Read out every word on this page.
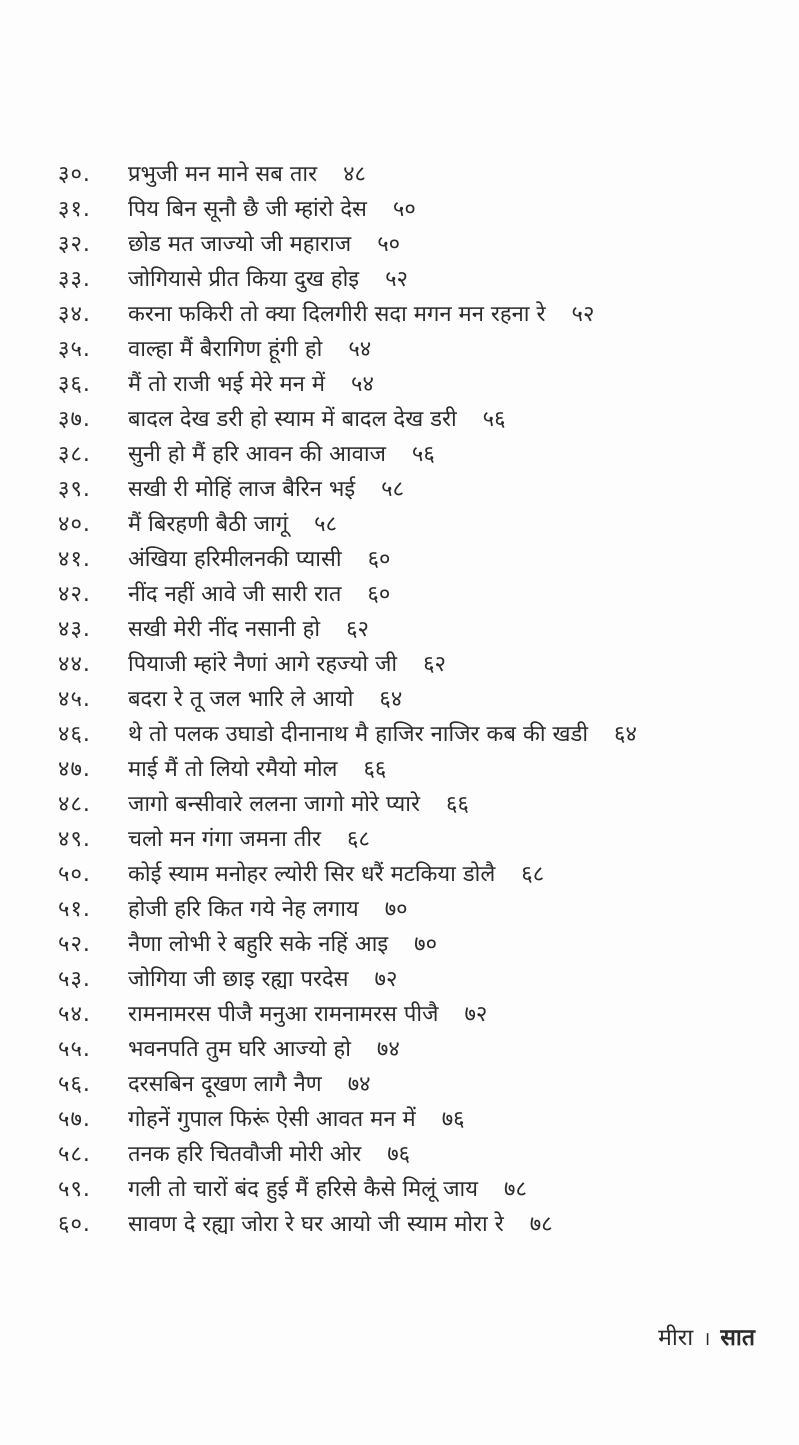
३०.	प्रभुजी मन माने सब तार ४८
३१.	पिय बिन सूनौ छै जी म्हांरो देस ५०
३२.	छोड मत जाज्यो जी महाराज ५०
३३.	जोगियासे प्रीत किया दुख होइ ५२
३४.	करना फकिरी तो क्या दिलगीरी सदा मगन मन रहना रे ५२
३५.	वाल्हा मैं बैरागिण हूंगी हो ५४
३६.	मैं तो राजी भई मेरे मन में ५४
३७.	बादल देख डरी हो स्याम में बादल देख डरी ५६
३८.	सुनी हो मैं हरि आवन की आवाज ५६
३९.	सखी री मोहिं लाज बैरिन भई ५८
४०.	मैं बिरहणी बैठी जागूं ५८
४१.	अंखिया हरिमीलनकी प्यासी ६०
४२.	नींद नहीं आवे जी सारी रात ६०
४३.	सखी मेरी नींद नसानी हो ६२
४४.	पियाजी म्हांरे नैणां आगे रहज्यो जी ६२
४५.	बदरा रे तू जल भारि ले आयो ६४
४६.	थे तो पलक उघाडो दीनानाथ मै हाजिर नाजिर कब की खडी ६४
४७.	माई मैं तो लियो रमैयो मोल ६६
४८.	जागो बन्सीवारे ललना जागो मोरे प्यारे ६६
४९.	चलो मन गंगा जमना तीर ६८
५०.	कोई स्याम मनोहर ल्योरी सिर धरैं मटकिया डोलै ६८
५१.	होजी हरि कित गये नेह लगाय ७०
५२.	नैणा लोभी रे बहुरि सके नहिं आइ ७०
५३.	जोगिया जी छाइ रह्या परदेस ७२
५४.	रामनामरस पीजै मनुआ रामनामरस पीजै ७२
५५.	भवनपति तुम घरि आज्यो हो ७४
५६.	दरसबिन दूखण लागै नैण ७४
५७.	गोहनें गुपाल फिरूं ऐसी आवत मन में ७६
५८.	तनक हरि चितवौजी मोरी ओर ७६
५९.	गली तो चारों बंद हुई मैं हरिसे कैसे मिलूं जाय ७८
६०.	सावण दे रह्या जोरा रे घर आयो जी स्याम मोरा रे ७८
मीरा । सात
